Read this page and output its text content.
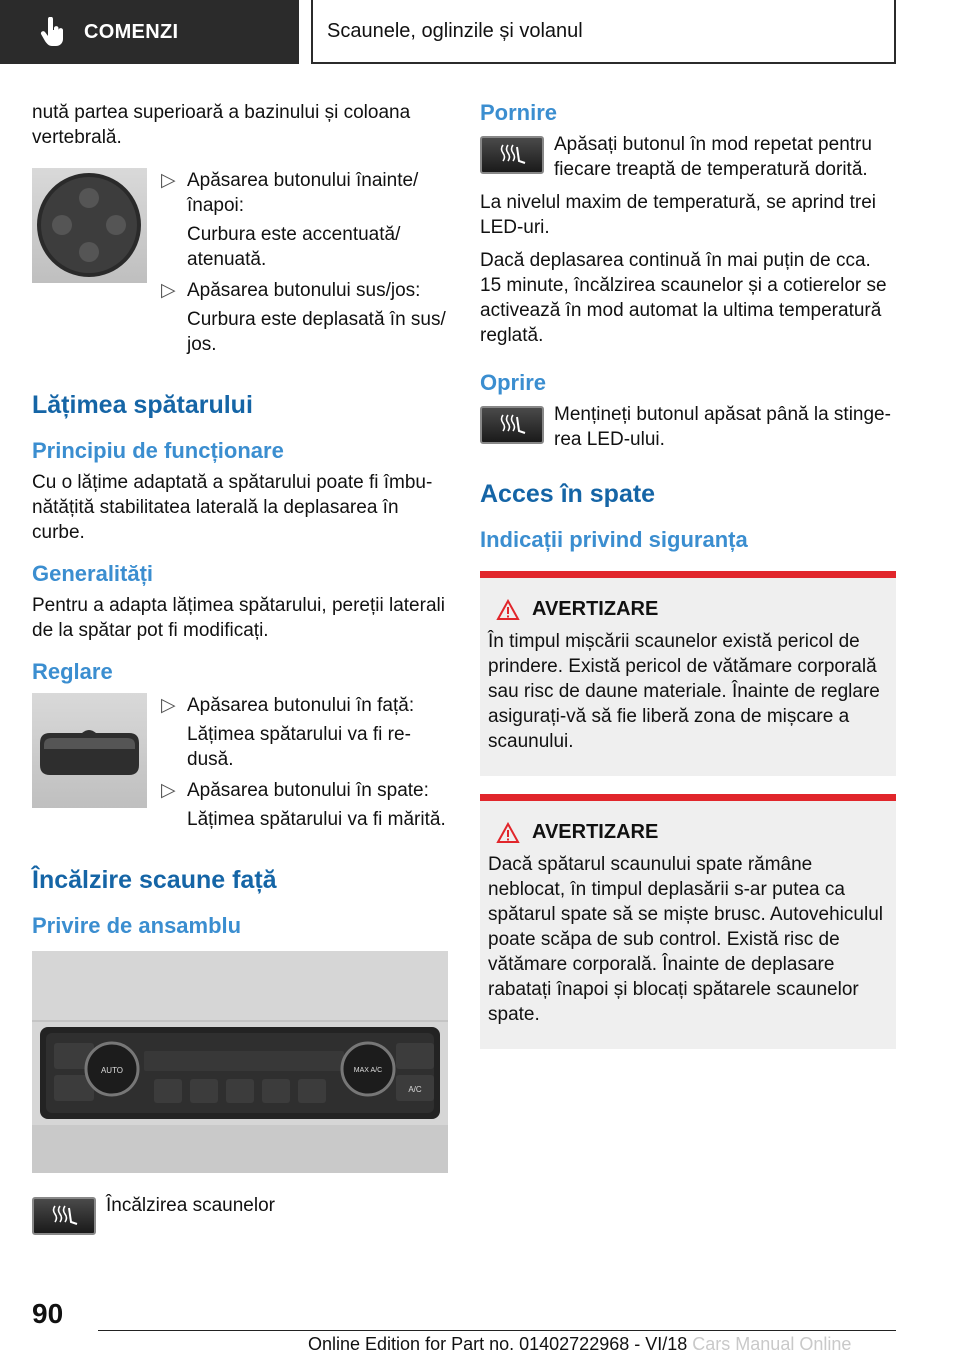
COMENZI	Scaunele, oglinzile și volanul

nută partea superioară a bazinului și coloana vertebrală.

▷ Apăsarea butonului înainte/ înapoi:
Curbura este accentuată/ atenuată.
▷ Apăsarea butonului sus/jos:
Curbura este deplasată în sus/ jos.
Lățimea spătarului
Principiu de funcționare

Cu o lățime adaptată a spătarului poate fi îmbunătățită stabilitatea laterală la deplasarea în curbe.

Generalități

Pentru a adapta lățimea spătarului, pereții laterali de la spătar pot fi modificați.

Reglare
▷ Apăsarea butonului în față:
Lățimea spătarului va fi redusă.
▷ Apăsarea butonului în spate:
Lățimea spătarului va fi mărită.
Încălzire scaune față
Privire de ansamblu
AUTO	MAX A/C
A/C
Încălzirea scaunelor
Pornire
Apăsați butonul în mod repetat pentru fiecare treaptă de temperatură dorită.

La nivelul maxim de temperatură, se aprind trei LED-uri.

Dacă deplasarea continuă în mai puțin de cca. 15 minute, încălzirea scaunelor și a cotierelor se activează în mod automat la ultima temperatură reglată.

Oprire
Mențineți butonul apăsat până la stingerea LED-ului.
Acces în spate
Indicații privind siguranța
AVERTIZARE

În timpul mișcării scaunelor există pericol de prindere. Există pericol de vătămare corporală sau risc de daune materiale. Înainte de reglare asigurați-vă să fie liberă zona de mișcare a scaunului.

AVERTIZARE

Dacă spătarul scaunului spate rămâne neblocat, în timpul deplasării s-ar putea ca spătarul spate să se miște brusc. Autovehiculul poate scăpa de sub control. Există risc de vătămare corporală. Înainte de deplasare rabatați înapoi și blocați spătarele scaunelor spate.

90
Online Edition for Part no. 01402722968 - VI/18 Cars Manual Online
